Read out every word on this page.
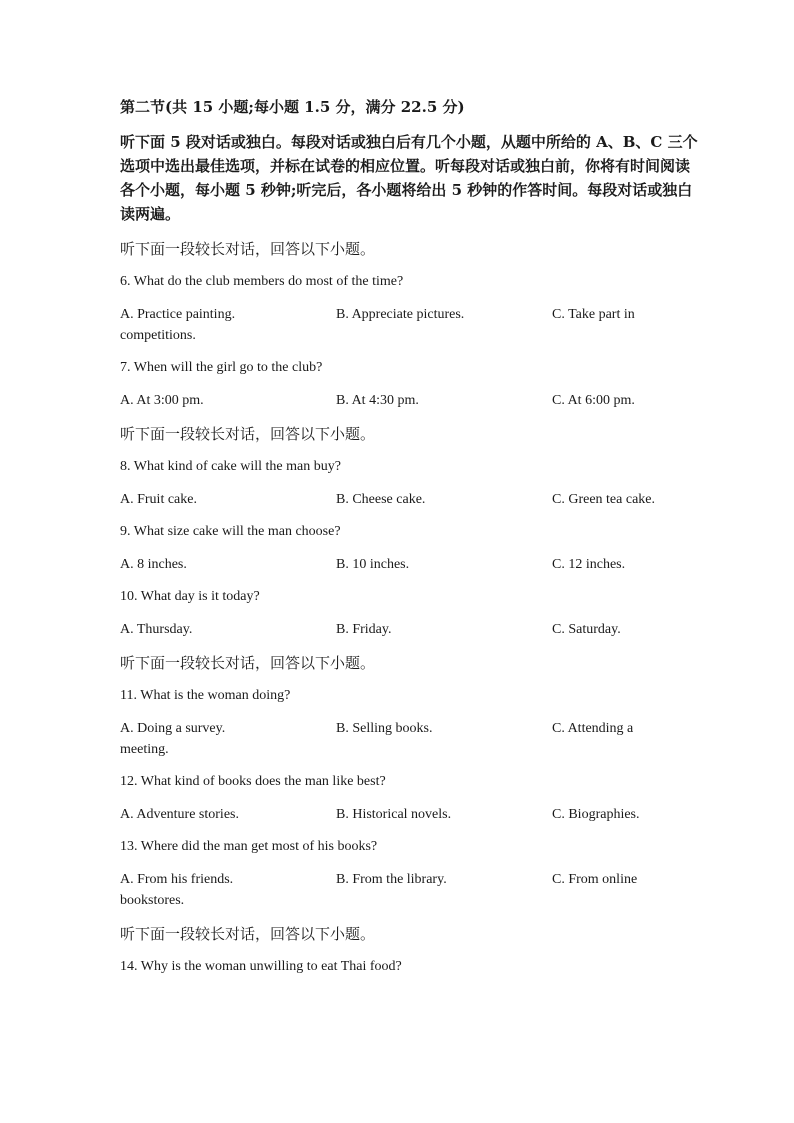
第二节(共 15 小题;每小题 1.5 分，满分 22.5 分)
听下面 5 段对话或独白。每段对话或独白后有几个小题，从题中所给的 A、B、C 三个选项中选出最佳选项，并标在试卷的相应位置。听每段对话或独白前，你将有时间阅读各个小题，每小题 5 秒钟;听完后，各小题将给出 5 秒钟的作答时间。每段对话或独白读两遍。
听下面一段较长对话，回答以下小题。
6. What do the club members do most of the time?
A. Practice painting.	B. Appreciate pictures.	C. Take part in
competitions.
7. When will the girl go to the club?
A. At 3:00 pm.	B. At 4:30 pm.	C. At 6:00 pm.
听下面一段较长对话，回答以下小题。
8. What kind of cake will the man buy?
A. Fruit cake.	B. Cheese cake.	C. Green tea cake.
9. What size cake will the man choose?
A. 8 inches.	B. 10 inches.	C. 12 inches.
10. What day is it today?
A. Thursday.	B. Friday.	C. Saturday.
听下面一段较长对话，回答以下小题。
11. What is the woman doing?
A. Doing a survey.	B. Selling books.	C. Attending a
meeting.
12. What kind of books does the man like best?
A. Adventure stories.	B. Historical novels.	C. Biographies.
13. Where did the man get most of his books?
A. From his friends.	B. From the library.	C. From online
bookstores.
听下面一段较长对话，回答以下小题。
14. Why is the woman unwilling to eat Thai food?
